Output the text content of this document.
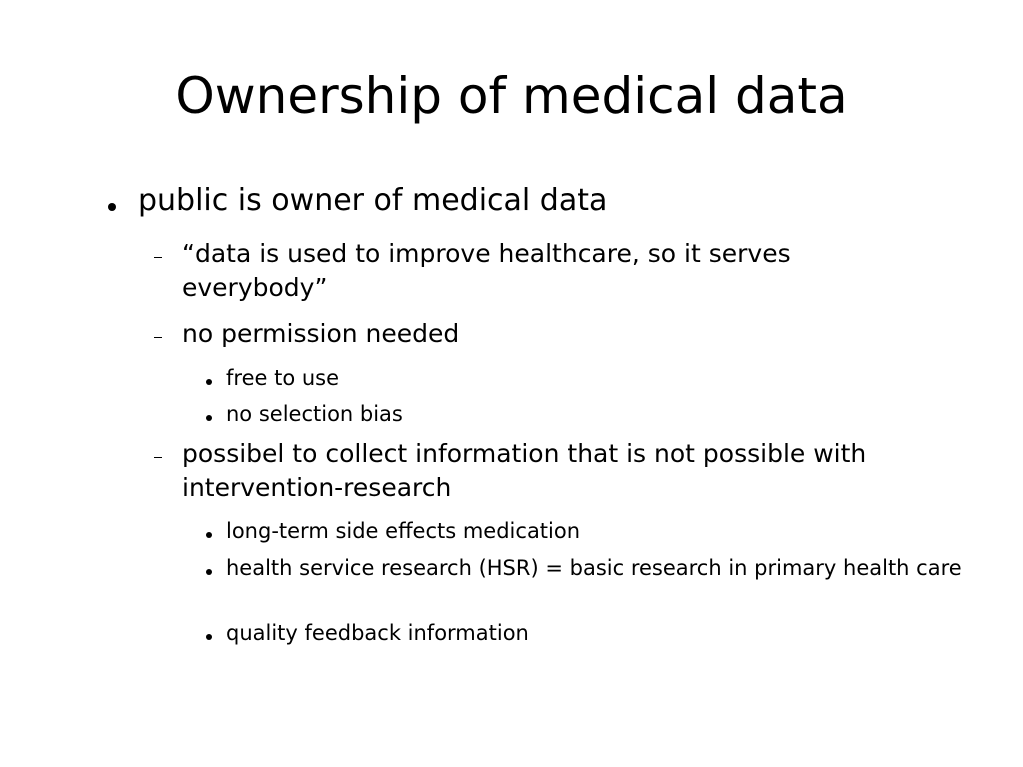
Ownership of medical data
public is owner of medical data
“data is used to improve healthcare, so it serves everybody”
no permission needed
free to use
no selection bias
possibel to collect information that is not possible with intervention-research
long-term side effects medication
health service research (HSR) = basic research in primary health care
quality feedback information
